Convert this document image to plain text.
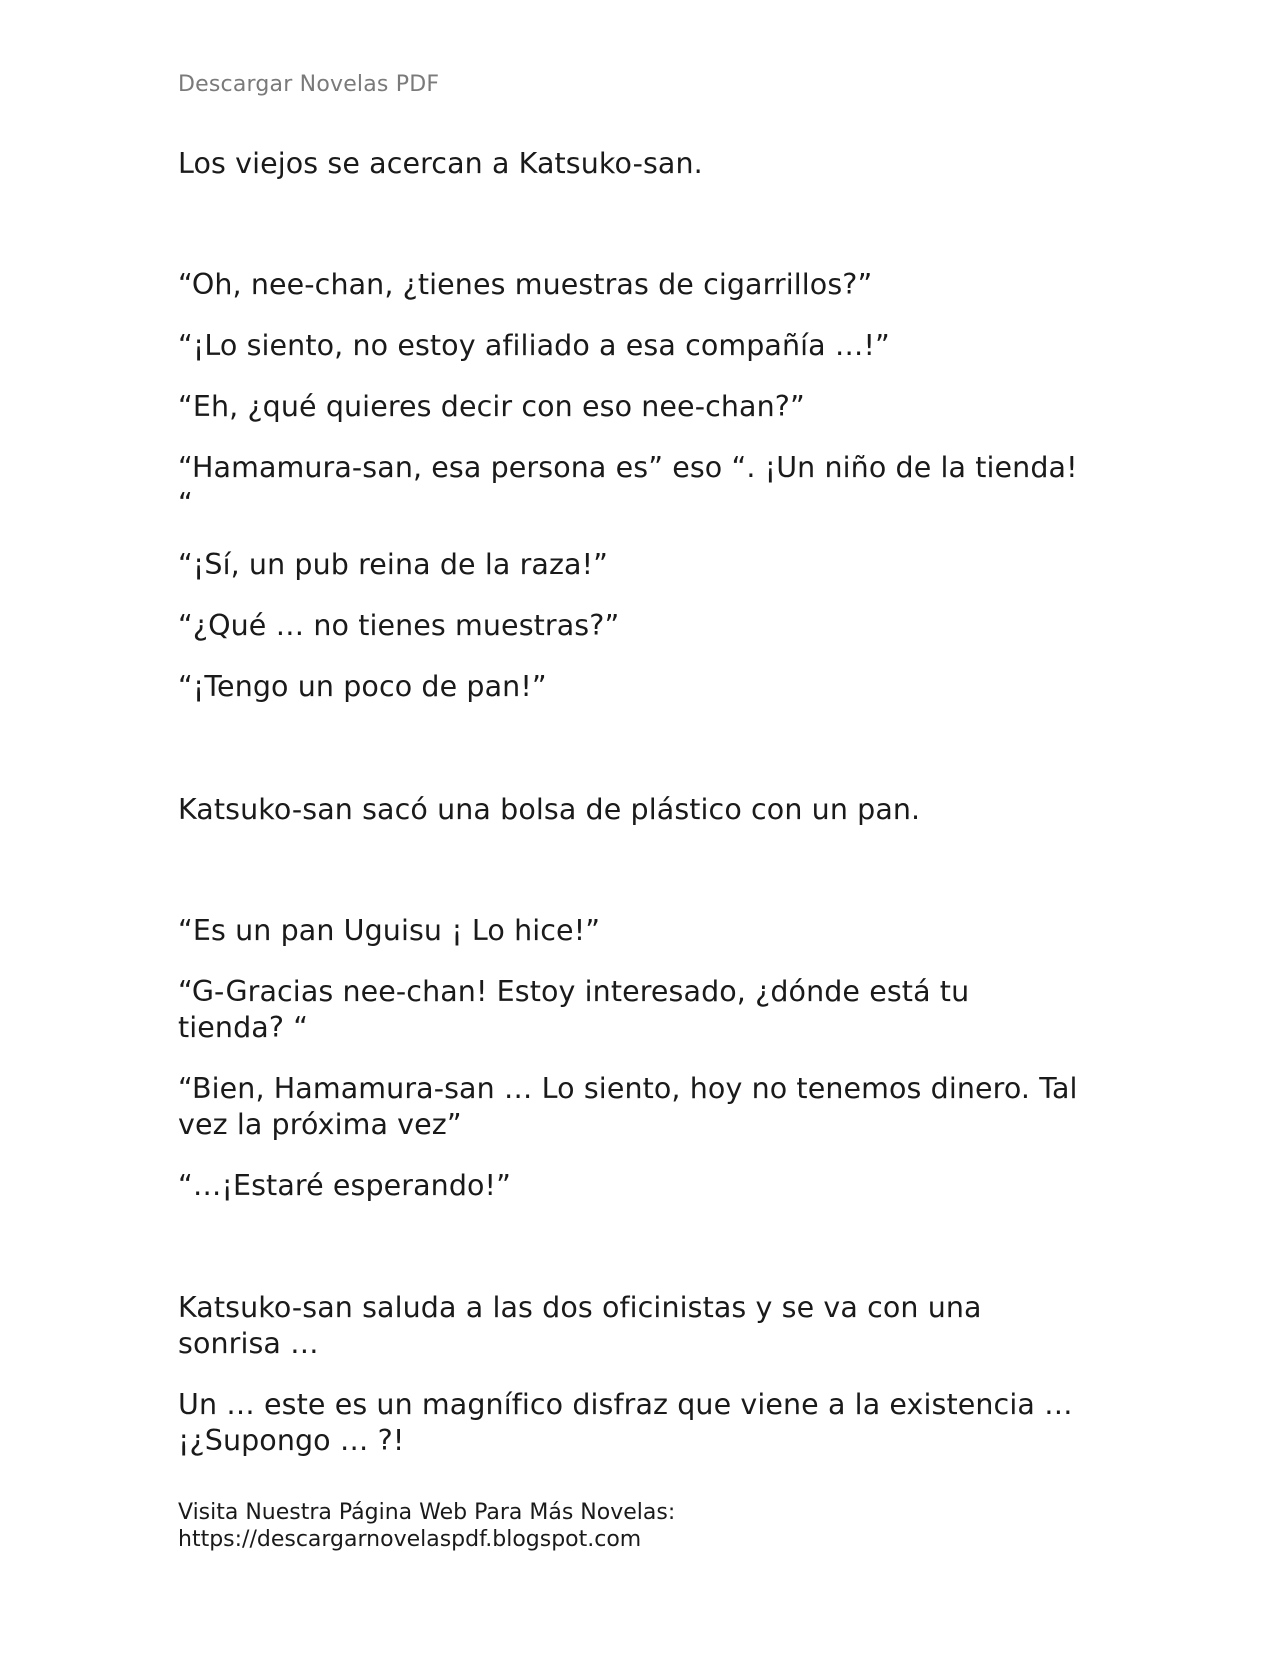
Descargar Novelas PDF
Los viejos se acercan a Katsuko-san.
“Oh, nee-chan, ¿tienes muestras de cigarrillos?”
“¡Lo siento, no estoy afiliado a esa compañía …!”
“Eh, ¿qué quieres decir con eso nee-chan?”
“Hamamura-san, esa persona es” eso “. ¡Un niño de la tienda!
“
“¡Sí, un pub reina de la raza!”
“¿Qué … no tienes muestras?”
“¡Tengo un poco de pan!”
Katsuko-san sacó una bolsa de plástico con un pan.
“Es un pan Uguisu ¡ Lo hice!”
“G-Gracias nee-chan! Estoy interesado, ¿dónde está tu
tienda? “
“Bien, Hamamura-san … Lo siento, hoy no tenemos dinero. Tal
vez la próxima vez”
“…¡Estaré esperando!”
Katsuko-san saluda a las dos oficinistas y se va con una
sonrisa …
Un … este es un magnífico disfraz que viene a la existencia …
¡¿Supongo … ?!
Visita Nuestra Página Web Para Más Novelas:
https://descargarnovelaspdf.blogspot.com
